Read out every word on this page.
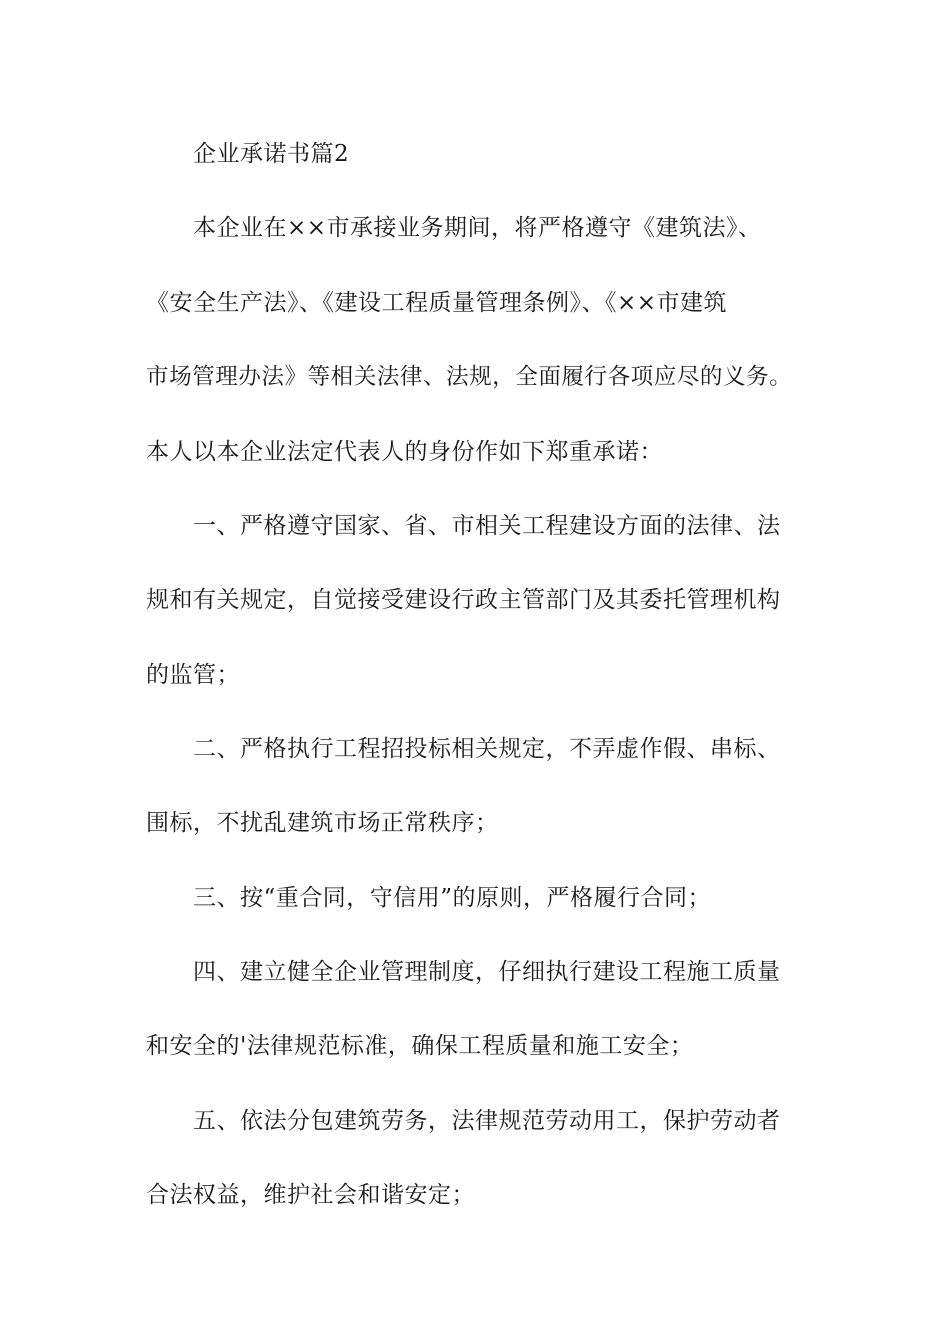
企业承诺书篇2

本企业在××市承接业务期间，将严格遵守《建筑法》、

《安全生产法》、《建设工程质量管理条例》、《××市建筑

市场管理办法》等相关法律、法规，全面履行各项应尽的义务。

本人以本企业法定代表人的身份作如下郑重承诺：

一、严格遵守国家、省、市相关工程建设方面的法律、法

规和有关规定，自觉接受建设行政主管部门及其委托管理机构

的监管；

二、严格执行工程招投标相关规定，不弄虚作假、串标、

围标，不扰乱建筑市场正常秩序；

三、按“重合同，守信用”的原则，严格履行合同；

四、建立健全企业管理制度，仔细执行建设工程施工质量

和安全的'法律规范标准，确保工程质量和施工安全；

五、依法分包建筑劳务，法律规范劳动用工，保护劳动者

合法权益，维护社会和谐安定；
